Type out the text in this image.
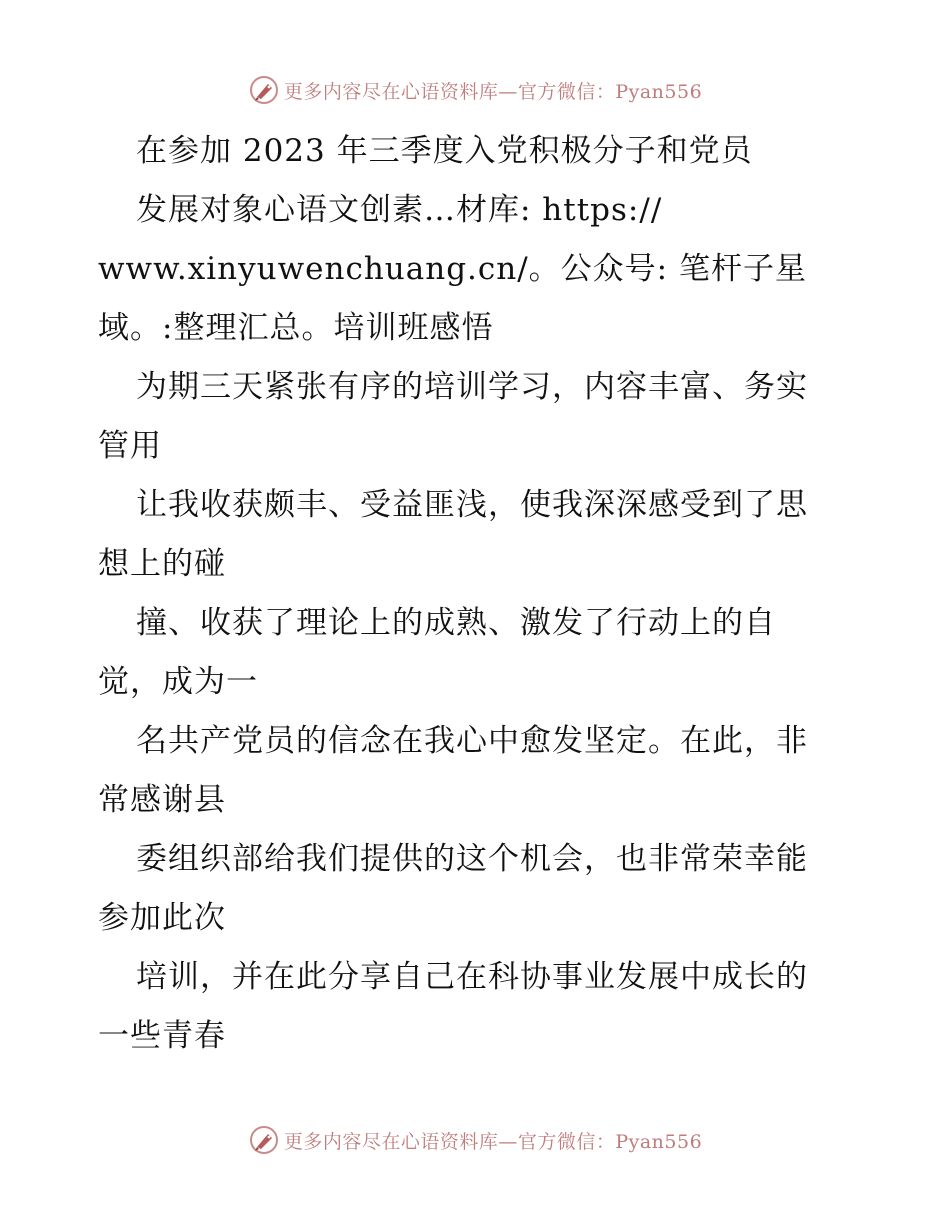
更多内容尽在心语资料库—官方微信：Pyan556
在参加 2023 年三季度入党积极分子和党员
发展对象心语文创素…材库: https://
www.xinyuwenchuang.cn/。公众号: 笔杆子星
域。:整理汇总。培训班感悟
为期三天紧张有序的培训学习，内容丰富、务实
管用
让我收获颇丰、受益匪浅，使我深深感受到了思
想上的碰
撞、收获了理论上的成熟、激发了行动上的自
觉，成为一
名共产党员的信念在我心中愈发坚定。在此，非
常感谢县
委组织部给我们提供的这个机会，也非常荣幸能
参加此次
培训，并在此分享自己在科协事业发展中成长的
一些青春
更多内容尽在心语资料库—官方微信：Pyan556
